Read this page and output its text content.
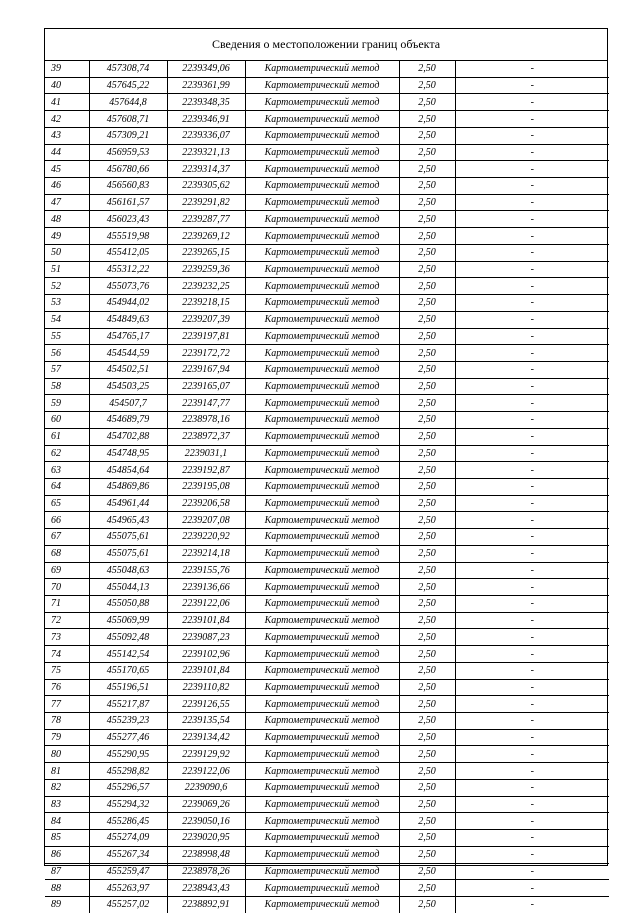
Сведения о местоположении границ объекта
39	457308,74	2239349,06	Картометрический метод	2,50	-
40	457645,22	2239361,99	Картометрический метод	2,50	-
41	457644,8	2239348,35	Картометрический метод	2,50	-
42	457608,71	2239346,91	Картометрический метод	2,50	-
43	457309,21	2239336,07	Картометрический метод	2,50	-
44	456959,53	2239321,13	Картометрический метод	2,50	-
45	456780,66	2239314,37	Картометрический метод	2,50	-
46	456560,83	2239305,62	Картометрический метод	2,50	-
47	456161,57	2239291,82	Картометрический метод	2,50	-
48	456023,43	2239287,77	Картометрический метод	2,50	-
49	455519,98	2239269,12	Картометрический метод	2,50	-
50	455412,05	2239265,15	Картометрический метод	2,50	-
51	455312,22	2239259,36	Картометрический метод	2,50	-
52	455073,76	2239232,25	Картометрический метод	2,50	-
53	454944,02	2239218,15	Картометрический метод	2,50	-
54	454849,63	2239207,39	Картометрический метод	2,50	-
55	454765,17	2239197,81	Картометрический метод	2,50	-
56	454544,59	2239172,72	Картометрический метод	2,50	-
57	454502,51	2239167,94	Картометрический метод	2,50	-
58	454503,25	2239165,07	Картометрический метод	2,50	-
59	454507,7	2239147,77	Картометрический метод	2,50	-
60	454689,79	2238978,16	Картометрический метод	2,50	-
61	454702,88	2238972,37	Картометрический метод	2,50	-
62	454748,95	2239031,1	Картометрический метод	2,50	-
63	454854,64	2239192,87	Картометрический метод	2,50	-
64	454869,86	2239195,08	Картометрический метод	2,50	-
65	454961,44	2239206,58	Картометрический метод	2,50	-
66	454965,43	2239207,08	Картометрический метод	2,50	-
67	455075,61	2239220,92	Картометрический метод	2,50	-
68	455075,61	2239214,18	Картометрический метод	2,50	-
69	455048,63	2239155,76	Картометрический метод	2,50	-
70	455044,13	2239136,66	Картометрический метод	2,50	-
71	455050,88	2239122,06	Картометрический метод	2,50	-
72	455069,99	2239101,84	Картометрический метод	2,50	-
73	455092,48	2239087,23	Картометрический метод	2,50	-
74	455142,54	2239102,96	Картометрический метод	2,50	-
75	455170,65	2239101,84	Картометрический метод	2,50	-
76	455196,51	2239110,82	Картометрический метод	2,50	-
77	455217,87	2239126,55	Картометрический метод	2,50	-
78	455239,23	2239135,54	Картометрический метод	2,50	-
79	455277,46	2239134,42	Картометрический метод	2,50	-
80	455290,95	2239129,92	Картометрический метод	2,50	-
81	455298,82	2239122,06	Картометрический метод	2,50	-
82	455296,57	2239090,6	Картометрический метод	2,50	-
83	455294,32	2239069,26	Картометрический метод	2,50	-
84	455286,45	2239050,16	Картометрический метод	2,50	-
85	455274,09	2239020,95	Картометрический метод	2,50	-
86	455267,34	2238998,48	Картометрический метод	2,50	-
87	455259,47	2238978,26	Картометрический метод	2,50	-
88	455263,97	2238943,43	Картометрический метод	2,50	-
89	455257,02	2238892,91	Картометрический метод	2,50	-
